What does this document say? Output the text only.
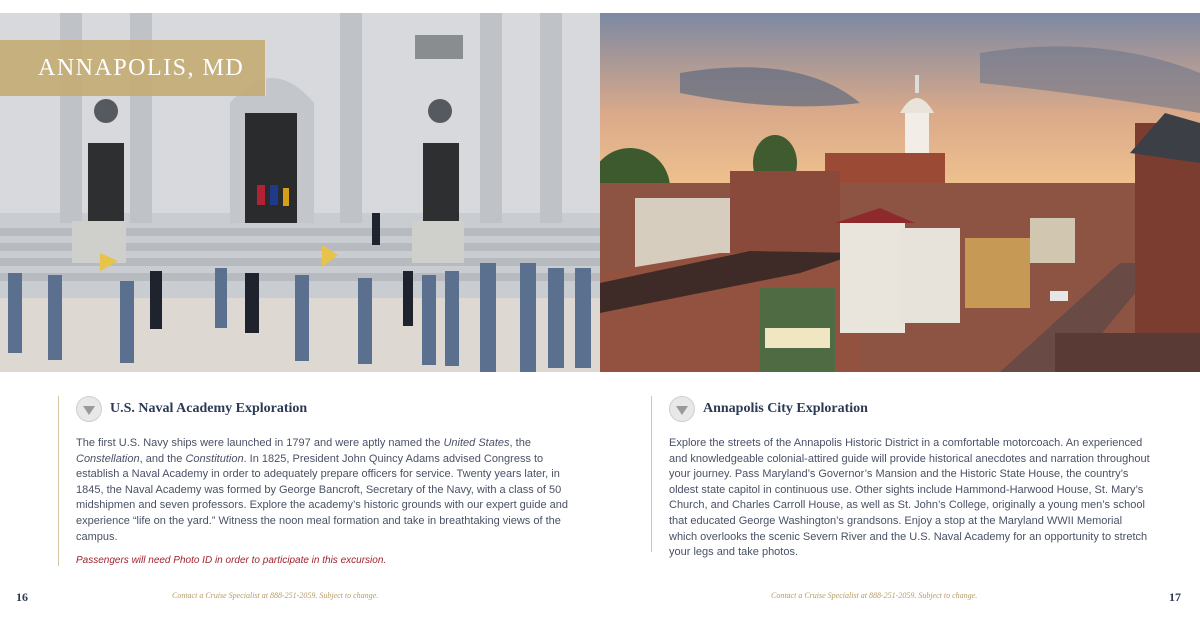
ANNAPOLIS, MD
U.S. Naval Academy Exploration
The first U.S. Navy ships were launched in 1797 and were aptly named the United States, the Constellation, and the Constitution. In 1825, President John Quincy Adams advised Congress to establish a Naval Academy in order to adequately prepare officers for service. Twenty years later, in 1845, the Naval Academy was formed by George Bancroft, Secretary of the Navy, with a class of 50 midshipmen and seven professors. Explore the academy’s historic grounds with our expert guide and experience “life on the yard.” Witness the noon meal formation and take in breathtaking views of the campus.
Passengers will need Photo ID in order to participate in this excursion.
Annapolis City Exploration
Explore the streets of the Annapolis Historic District in a comfortable motorcoach. An experienced and knowledgeable colonial-attired guide will provide historical anecdotes and narration throughout your journey. Pass Maryland’s Governor’s Mansion and the Historic State House, the country’s oldest state capitol in continuous use. Other sights include Hammond-Harwood House, St. Mary’s Church, and Charles Carroll House, as well as St. John’s College, originally a young men’s school that educated George Washington’s grandsons. Enjoy a stop at the Maryland WWII Memorial which overlooks the scenic Severn River and the U.S. Naval Academy for an opportunity to stretch your legs and take photos.
16	Contact a Cruise Specialist at 888-251-2059. Subject to change.	Contact a Cruise Specialist at 888-251-2059. Subject to change.	17
